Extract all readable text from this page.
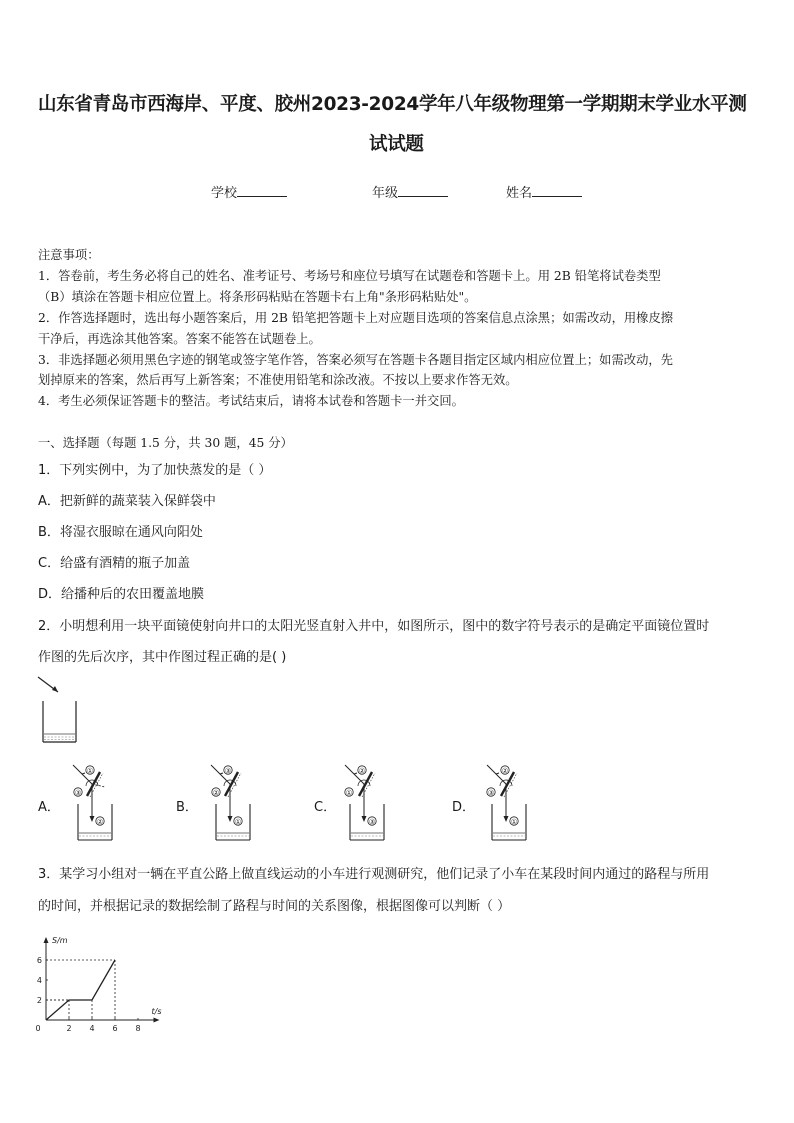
山东省青岛市西海岸、平度、胶州2023-2024学年八年级物理第一学期期末学业水平测
试试题
学校	年级	姓名
注意事项：
1．答卷前，考生务必将自己的姓名、准考证号、考场号和座位号填写在试题卷和答题卡上。用 2B 铅笔将试卷类型
（B）填涂在答题卡相应位置上。将条形码粘贴在答题卡右上角"条形码粘贴处"。
2．作答选择题时，选出每小题答案后，用 2B 铅笔把答题卡上对应题目选项的答案信息点涂黑；如需改动，用橡皮擦
干净后，再选涂其他答案。答案不能答在试题卷上。
3．非选择题必须用黑色字迹的钢笔或签字笔作答，答案必须写在答题卡各题目指定区域内相应位置上；如需改动，先
划掉原来的答案，然后再写上新答案；不准使用铅笔和涂改液。不按以上要求作答无效。
4．考生必须保证答题卡的整洁。考试结束后，请将本试卷和答题卡一并交回。
一、选择题（每题 1.5 分，共 30 题，45 分）
1．下列实例中，为了加快蒸发的是（ ）
A．把新鲜的蔬菜装入保鲜袋中
B．将湿衣服晾在通风向阳处
C．给盛有酒精的瓶子加盖
D．给播种后的农田覆盖地膜
2．小明想利用一块平面镜使射向井口的太阳光竖直射入井中，如图所示，图中的数字符号表示的是确定平面镜位置时
作图的先后次序，其中作图过程正确的是( )
A．	B．	C．	D．
①
③
②
③
②
①
②
①
③
②
③
①
3．某学习小组对一辆在平直公路上做直线运动的小车进行观测研究，他们记录了小车在某段时间内通过的路程与所用
的时间，并根据记录的数据绘制了路程与时间的关系图像，根据图像可以判断（ ）
0	2 4 6 8
2
4
6
S/m
t/s
